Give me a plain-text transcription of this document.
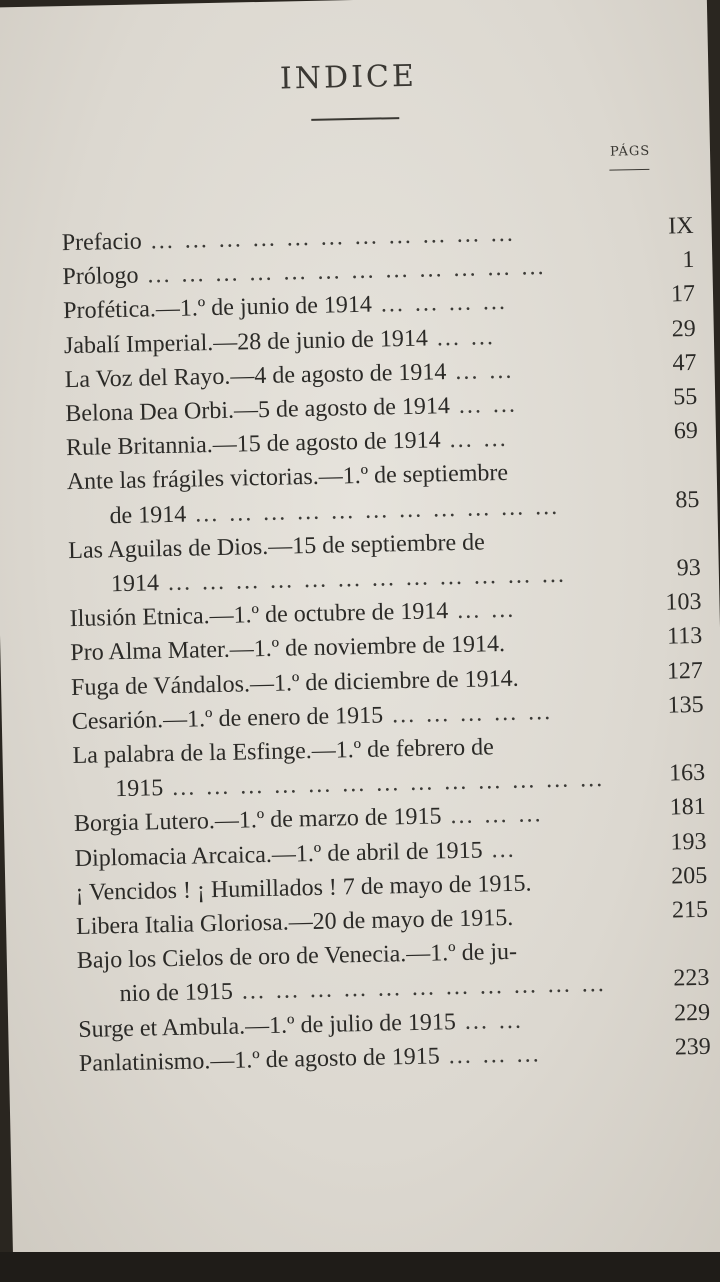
INDICE
PÁGS
Prefacio … … … … … … … … … … …	IX
Prólogo … … … … … … … … … … … …	1
Profética.—1.º de junio de 1914 … … … …	17
Jabalí Imperial.—28 de junio de 1914 … …	29
La Voz del Rayo.—4 de agosto de 1914 … …	47
Belona Dea Orbi.—5 de agosto de 1914 … …	55
Rule Britannia.—15 de agosto de 1914 … …	69
Ante las frágiles victorias.—1.º de septiembre
de 1914 … … … … … … … … … … …	85
Las Aguilas de Dios.—15 de septiembre de
1914 … … … … … … … … … … … …	93
Ilusión Etnica.—1.º de octubre de 1914 … …	103
Pro Alma Mater.—1.º de noviembre de 1914.	113
Fuga de Vándalos.—1.º de diciembre de 1914.	127
Cesarión.—1.º de enero de 1915 … … … … …	135
La palabra de la Esfinge.—1.º de febrero de
1915 … … … … … … … … … … … … …	163
Borgia Lutero.—1.º de marzo de 1915 … … …	181
Diplomacia Arcaica.—1.º de abril de 1915 …	193
¡ Vencidos ! ¡ Humillados ! 7 de mayo de 1915.	205
Libera Italia Gloriosa.—20 de mayo de 1915.	215
Bajo los Cielos de oro de Venecia.—1.º de ju-
nio de 1915 … … … … … … … … … … …	223
Surge et Ambula.—1.º de julio de 1915 … …	229
Panlatinismo.—1.º de agosto de 1915 … … …	239
